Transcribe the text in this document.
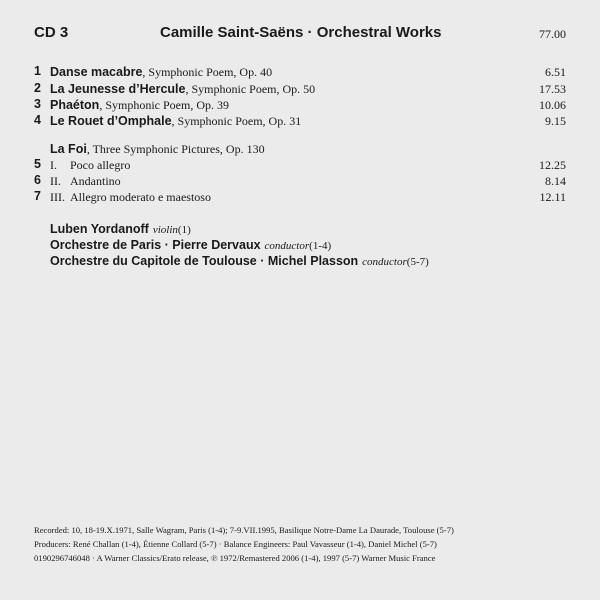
CD 3	Camille Saint-Saëns · Orchestral Works	77.00
1 Danse macabre, Symphonic Poem, Op. 40	6.51
2 La Jeunesse d’Hercule, Symphonic Poem, Op. 50	17.53
3 Phaéton, Symphonic Poem, Op. 39	10.06
4 Le Rouet d’Omphale, Symphonic Poem, Op. 31	9.15
La Foi, Three Symphonic Pictures, Op. 130
5 I. Poco allegro	12.25
6 II. Andantino	8.14
7 III. Allegro moderato e maestoso	12.11
Luben Yordanoff violin(1)
Orchestre de Paris · Pierre Dervaux conductor(1-4)
Orchestre du Capitole de Toulouse · Michel Plasson conductor(5-7)
Recorded: 10, 18-19.X.1971, Salle Wagram, Paris (1-4); 7-9.VII.1995, Basilique Notre-Dame La Daurade, Toulouse (5-7)
Producers: René Challan (1-4), Étienne Collard (5-7) · Balance Engineers: Paul Vavasseur (1-4), Daniel Michel (5-7)
0190296746048 · A Warner Classics/Erato release, ℗ 1972/Remastered 2006 (1-4), 1997 (5-7) Warner Music France
